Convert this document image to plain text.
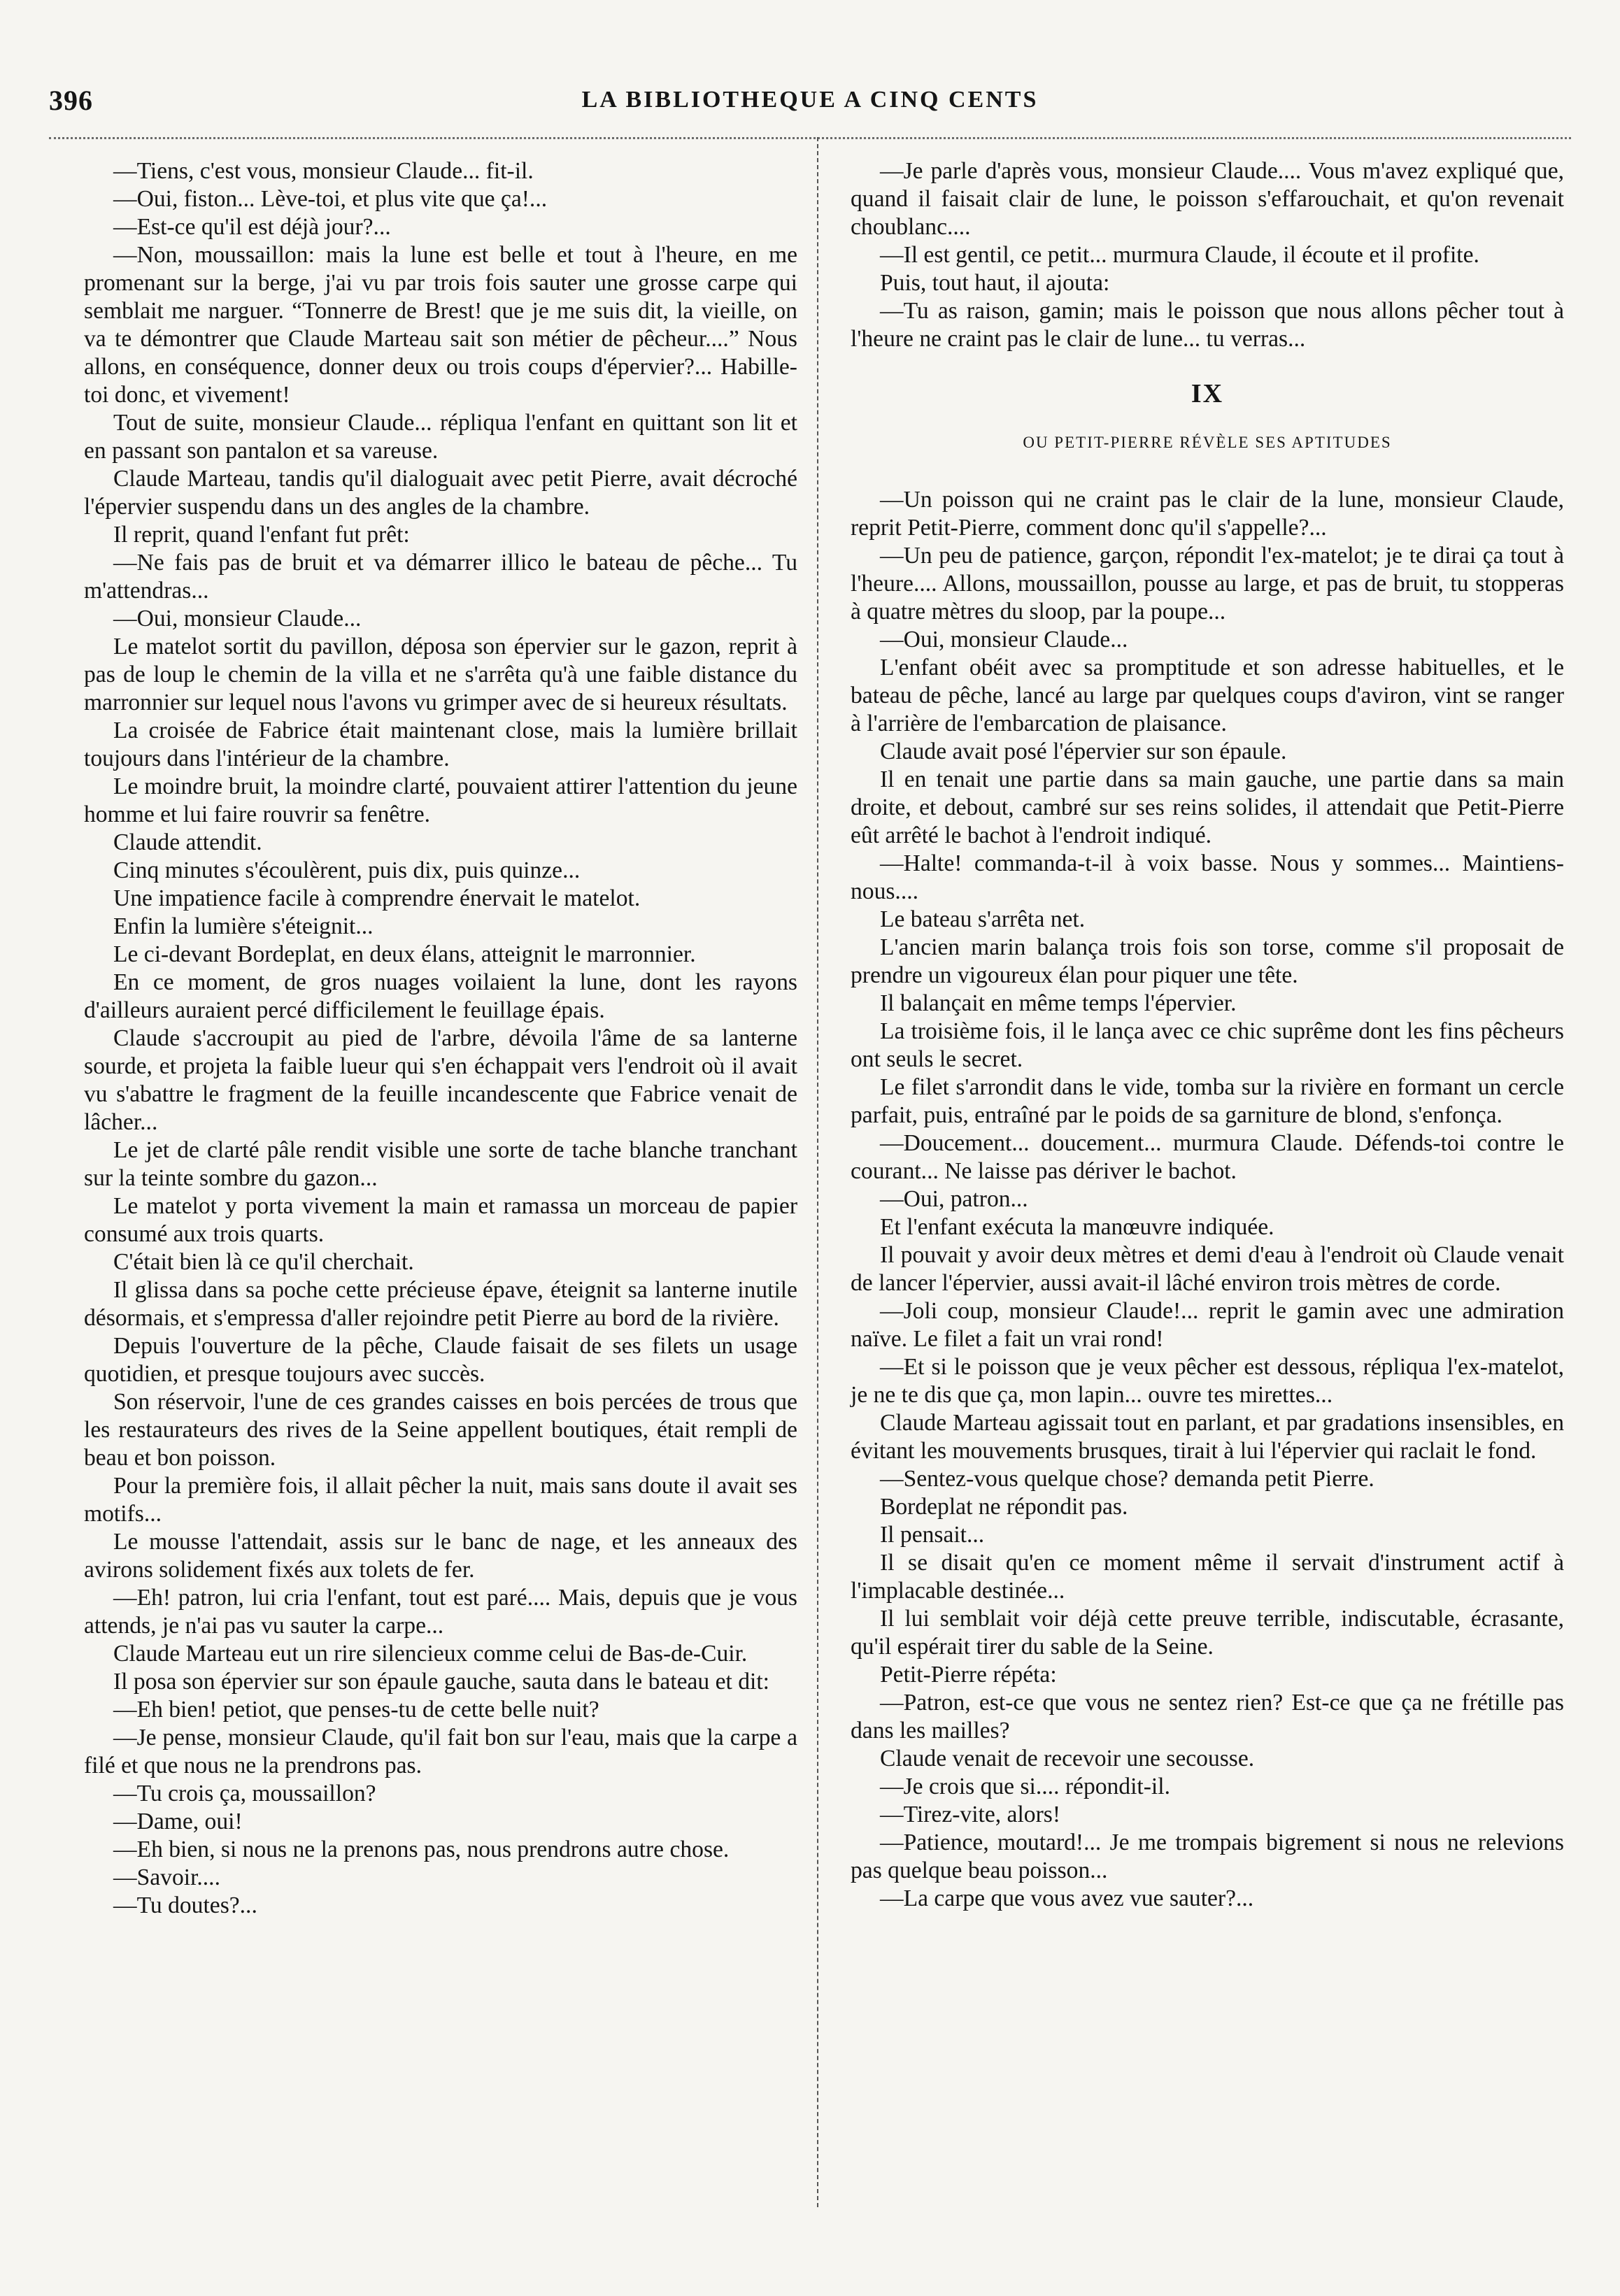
396	LA BIBLIOTHEQUE A CINQ CENTS

—Tiens, c'est vous, monsieur Claude... fit-il.

—Oui, fiston... Lève-toi, et plus vite que ça!...

—Est-ce qu'il est déjà jour?...

—Non, moussaillon: mais la lune est belle et tout à l'heure, en me promenant sur la berge, j'ai vu par trois fois sauter une grosse carpe qui semblait me narguer. “Tonnerre de Brest! que je me suis dit, la vieille, on va te démontrer que Claude Marteau sait son métier de pêcheur....” Nous allons, en conséquence, donner deux ou trois coups d'épervier?... Habille-toi donc, et vivement!

Tout de suite, monsieur Claude... répliqua l'enfant en quittant son lit et en passant son pantalon et sa vareuse.

Claude Marteau, tandis qu'il dialoguait avec petit Pierre, avait décroché l'épervier suspendu dans un des angles de la chambre.

Il reprit, quand l'enfant fut prêt:

—Ne fais pas de bruit et va démarrer illico le bateau de pêche... Tu m'attendras...

—Oui, monsieur Claude...

Le matelot sortit du pavillon, déposa son épervier sur le gazon, reprit à pas de loup le chemin de la villa et ne s'arrêta qu'à une faible distance du marronnier sur lequel nous l'avons vu grimper avec de si heureux résultats.

La croisée de Fabrice était maintenant close, mais la lumière brillait toujours dans l'intérieur de la chambre.

Le moindre bruit, la moindre clarté, pouvaient attirer l'attention du jeune homme et lui faire rouvrir sa fenêtre.

Claude attendit.

Cinq minutes s'écoulèrent, puis dix, puis quinze...

Une impatience facile à comprendre énervait le matelot.

Enfin la lumière s'éteignit...

Le ci-devant Bordeplat, en deux élans, atteignit le marronnier.

En ce moment, de gros nuages voilaient la lune, dont les rayons d'ailleurs auraient percé difficilement le feuillage épais.

Claude s'accroupit au pied de l'arbre, dévoila l'âme de sa lanterne sourde, et projeta la faible lueur qui s'en échappait vers l'endroit où il avait vu s'abattre le fragment de la feuille incandescente que Fabrice venait de lâcher...

Le jet de clarté pâle rendit visible une sorte de tache blanche tranchant sur la teinte sombre du gazon...

Le matelot y porta vivement la main et ramassa un morceau de papier consumé aux trois quarts.

C'était bien là ce qu'il cherchait.

Il glissa dans sa poche cette précieuse épave, éteignit sa lanterne inutile désormais, et s'empressa d'aller rejoindre petit Pierre au bord de la rivière.

Depuis l'ouverture de la pêche, Claude faisait de ses filets un usage quotidien, et presque toujours avec succès.

Son réservoir, l'une de ces grandes caisses en bois percées de trous que les restaurateurs des rives de la Seine appellent boutiques, était rempli de beau et bon poisson.

Pour la première fois, il allait pêcher la nuit, mais sans doute il avait ses motifs...

Le mousse l'attendait, assis sur le banc de nage, et les anneaux des avirons solidement fixés aux tolets de fer.

—Eh! patron, lui cria l'enfant, tout est paré.... Mais, depuis que je vous attends, je n'ai pas vu sauter la carpe...

Claude Marteau eut un rire silencieux comme celui de Bas-de-Cuir.

Il posa son épervier sur son épaule gauche, sauta dans le bateau et dit:

—Eh bien! petiot, que penses-tu de cette belle nuit?

—Je pense, monsieur Claude, qu'il fait bon sur l'eau, mais que la carpe a filé et que nous ne la prendrons pas.

—Tu crois ça, moussaillon?

—Dame, oui!

—Eh bien, si nous ne la prenons pas, nous prendrons autre chose.

—Savoir....

—Tu doutes?...

—Je parle d'après vous, monsieur Claude.... Vous m'avez expliqué que, quand il faisait clair de lune, le poisson s'effarouchait, et qu'on revenait choublanc....

—Il est gentil, ce petit... murmura Claude, il écoute et il profite.

Puis, tout haut, il ajouta:

—Tu as raison, gamin; mais le poisson que nous allons pêcher tout à l'heure ne craint pas le clair de lune... tu verras...

IX
OU PETIT-PIERRE RÉVÈLE SES APTITUDES

—Un poisson qui ne craint pas le clair de la lune, monsieur Claude, reprit Petit-Pierre, comment donc qu'il s'appelle?...

—Un peu de patience, garçon, répondit l'ex-matelot; je te dirai ça tout à l'heure.... Allons, moussaillon, pousse au large, et pas de bruit, tu stopperas à quatre mètres du sloop, par la poupe...

—Oui, monsieur Claude...

L'enfant obéit avec sa promptitude et son adresse habituelles, et le bateau de pêche, lancé au large par quelques coups d'aviron, vint se ranger à l'arrière de l'embarcation de plaisance.

Claude avait posé l'épervier sur son épaule.

Il en tenait une partie dans sa main gauche, une partie dans sa main droite, et debout, cambré sur ses reins solides, il attendait que Petit-Pierre eût arrêté le bachot à l'endroit indiqué.

—Halte! commanda-t-il à voix basse. Nous y sommes... Maintiens-nous....

Le bateau s'arrêta net.

L'ancien marin balança trois fois son torse, comme s'il proposait de prendre un vigoureux élan pour piquer une tête.

Il balançait en même temps l'épervier.

La troisième fois, il le lança avec ce chic suprême dont les fins pêcheurs ont seuls le secret.

Le filet s'arrondit dans le vide, tomba sur la rivière en formant un cercle parfait, puis, entraîné par le poids de sa garniture de blond, s'enfonça.

—Doucement... doucement... murmura Claude. Défends-toi contre le courant... Ne laisse pas dériver le bachot.

—Oui, patron...

Et l'enfant exécuta la manœuvre indiquée.

Il pouvait y avoir deux mètres et demi d'eau à l'endroit où Claude venait de lancer l'épervier, aussi avait-il lâché environ trois mètres de corde.

—Joli coup, monsieur Claude!... reprit le gamin avec une admiration naïve. Le filet a fait un vrai rond!

—Et si le poisson que je veux pêcher est dessous, répliqua l'ex-matelot, je ne te dis que ça, mon lapin... ouvre tes mirettes...

Claude Marteau agissait tout en parlant, et par gradations insensibles, en évitant les mouvements brusques, tirait à lui l'épervier qui raclait le fond.

—Sentez-vous quelque chose? demanda petit Pierre.

Bordeplat ne répondit pas.

Il pensait...

Il se disait qu'en ce moment même il servait d'instrument actif à l'implacable destinée...

Il lui semblait voir déjà cette preuve terrible, indiscutable, écrasante, qu'il espérait tirer du sable de la Seine.

Petit-Pierre répéta:

—Patron, est-ce que vous ne sentez rien? Est-ce que ça ne frétille pas dans les mailles?

Claude venait de recevoir une secousse.

—Je crois que si.... répondit-il.

—Tirez-vite, alors!

—Patience, moutard!... Je me trompais bigrement si nous ne relevions pas quelque beau poisson...

—La carpe que vous avez vue sauter?...
